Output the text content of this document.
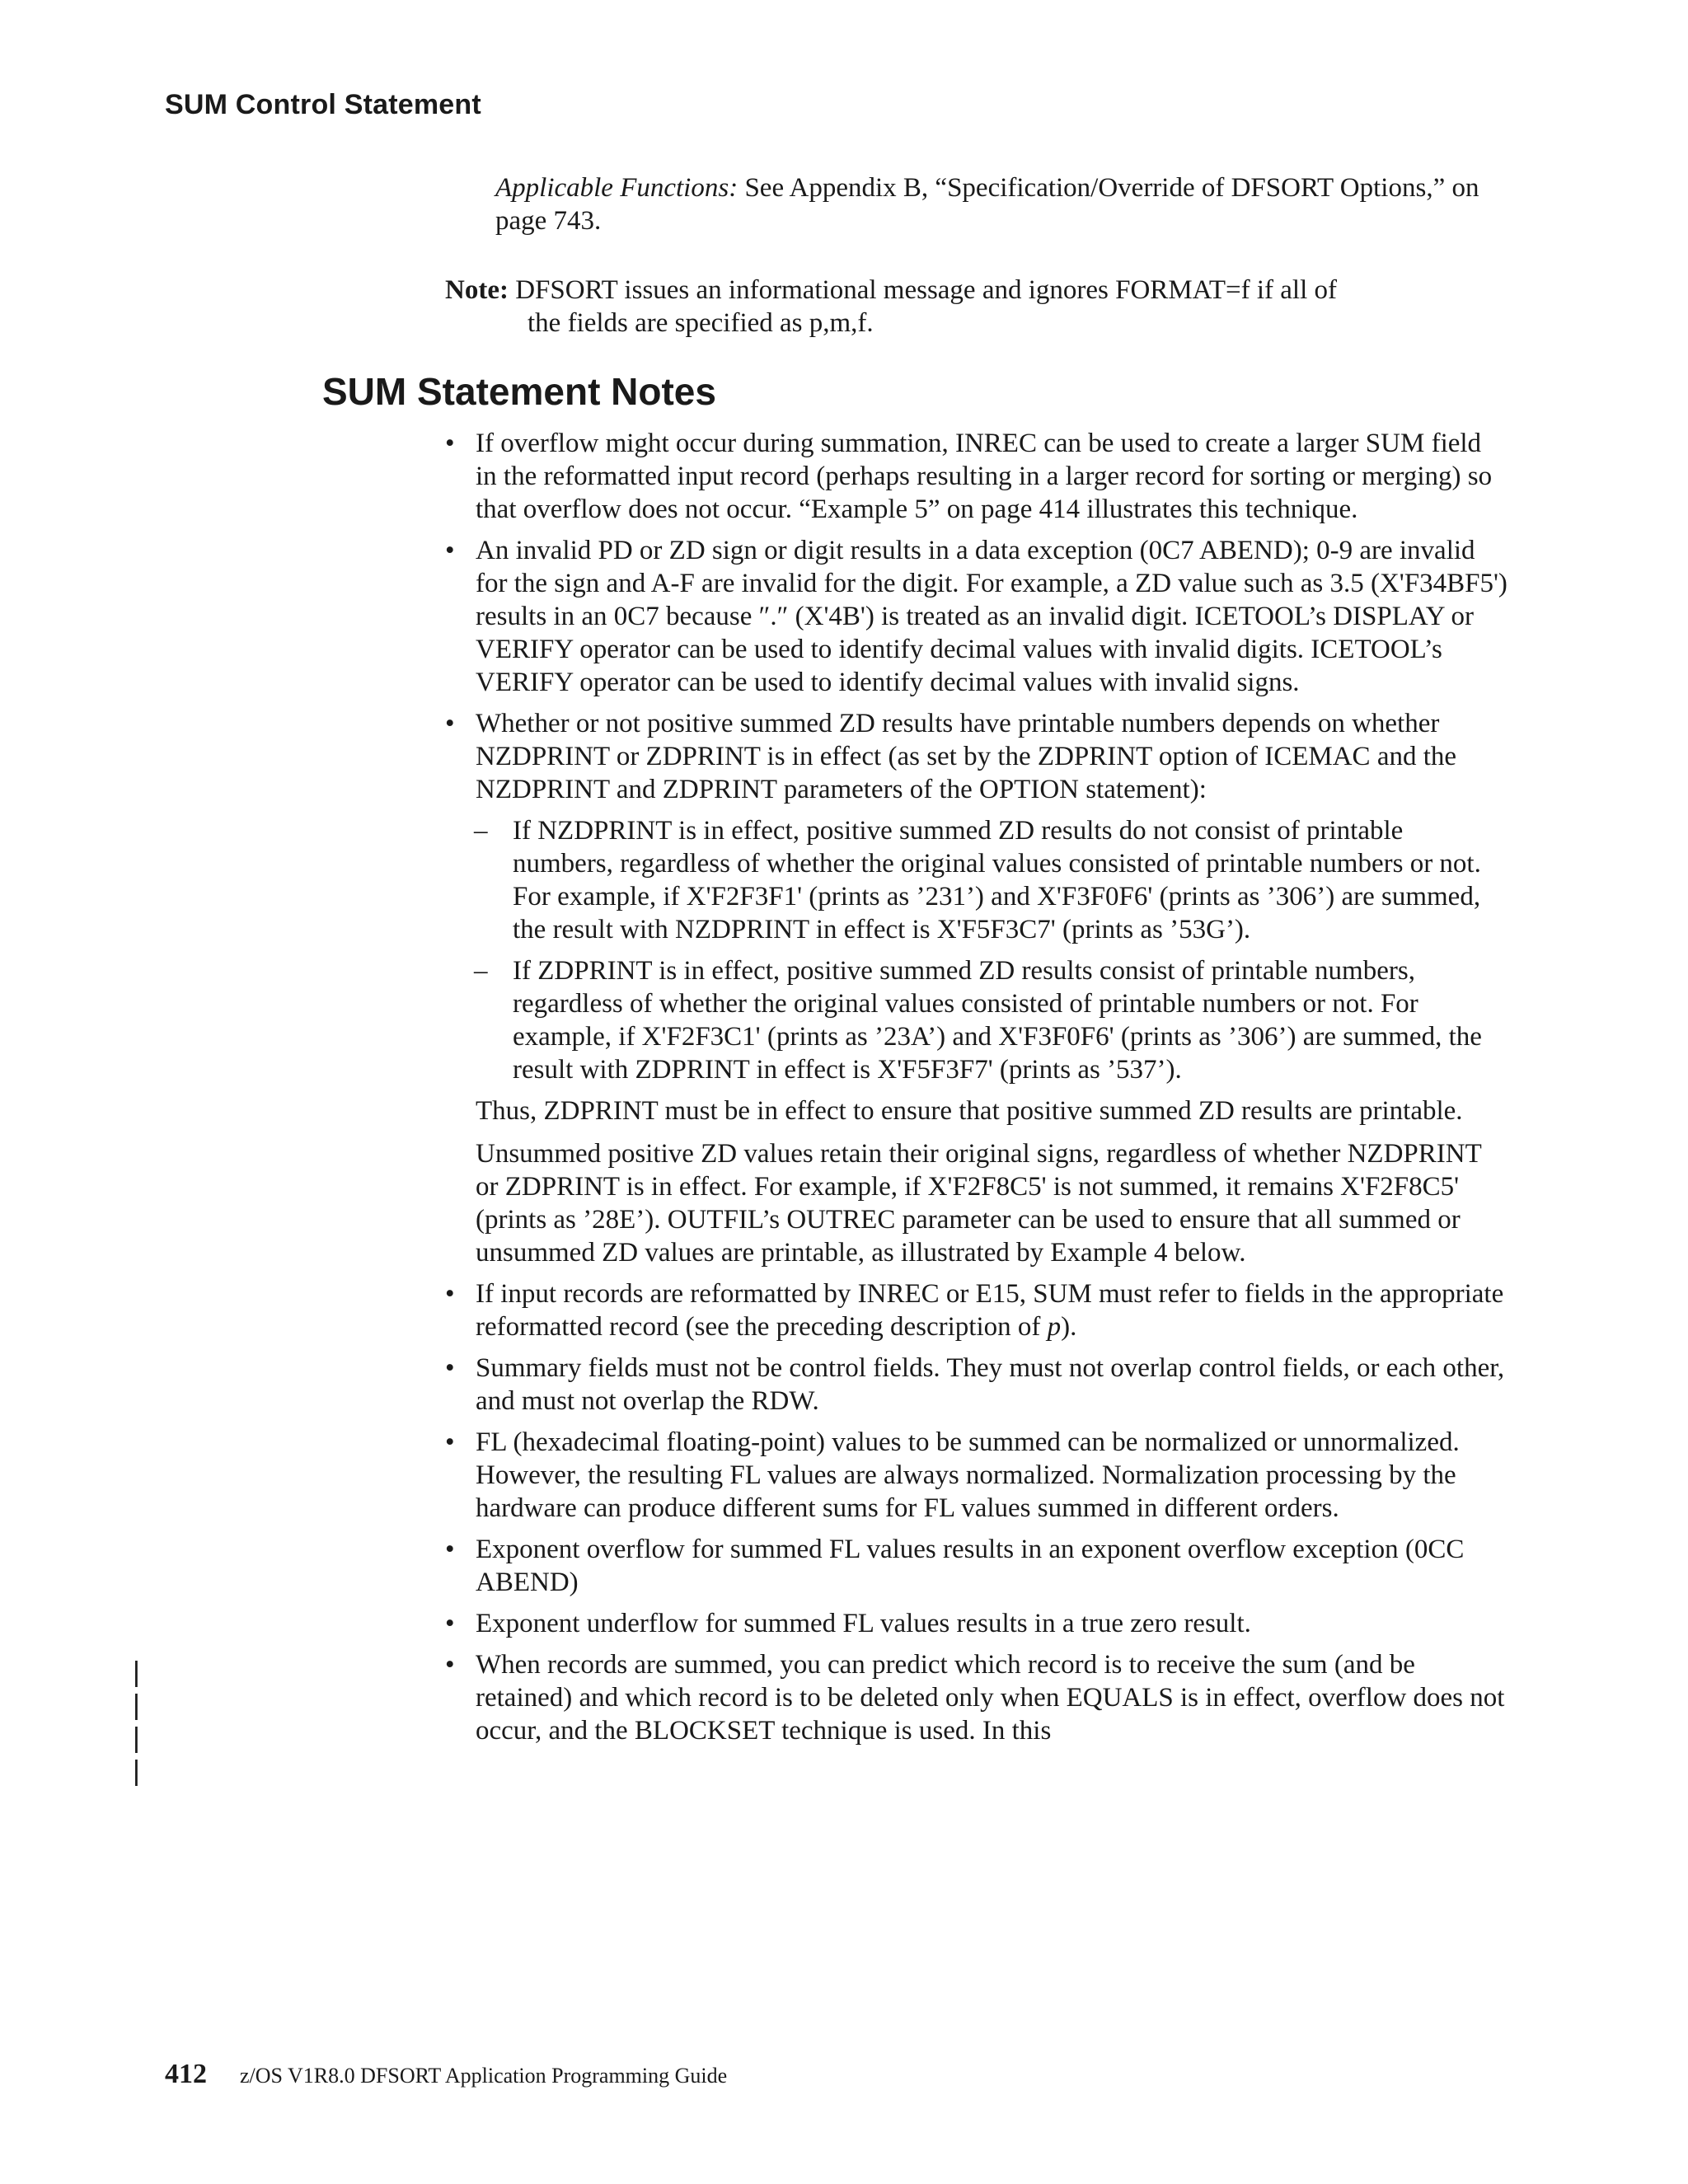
SUM Control Statement
Applicable Functions: See Appendix B, “Specification/Override of DFSORT Options,” on page 743.
Note: DFSORT issues an informational message and ignores FORMAT=f if all of
the fields are specified as p,m,f.
SUM Statement Notes
• If overflow might occur during summation, INREC can be used to create a larger SUM field in the reformatted input record (perhaps resulting in a larger record for sorting or merging) so that overflow does not occur. “Example 5” on page 414 illustrates this technique.
• An invalid PD or ZD sign or digit results in a data exception (0C7 ABEND); 0-9 are invalid for the sign and A-F are invalid for the digit. For example, a ZD value such as 3.5 (X'F34BF5') results in an 0C7 because ″.″ (X'4B') is treated as an invalid digit. ICETOOL’s DISPLAY or VERIFY operator can be used to identify decimal values with invalid digits. ICETOOL’s VERIFY operator can be used to identify decimal values with invalid signs.
• Whether or not positive summed ZD results have printable numbers depends on whether NZDPRINT or ZDPRINT is in effect (as set by the ZDPRINT option of ICEMAC and the NZDPRINT and ZDPRINT parameters of the OPTION statement):
– If NZDPRINT is in effect, positive summed ZD results do not consist of printable numbers, regardless of whether the original values consisted of printable numbers or not. For example, if X'F2F3F1' (prints as ’231’) and X'F3F0F6' (prints as ’306’) are summed, the result with NZDPRINT in effect is X'F5F3C7' (prints as ’53G’).
– If ZDPRINT is in effect, positive summed ZD results consist of printable numbers, regardless of whether the original values consisted of printable numbers or not. For example, if X'F2F3C1' (prints as ’23A’) and X'F3F0F6' (prints as ’306’) are summed, the result with ZDPRINT in effect is X'F5F3F7' (prints as ’537’).
Thus, ZDPRINT must be in effect to ensure that positive summed ZD results are printable.
Unsummed positive ZD values retain their original signs, regardless of whether NZDPRINT or ZDPRINT is in effect. For example, if X'F2F8C5' is not summed, it remains X'F2F8C5' (prints as ’28E’). OUTFIL’s OUTREC parameter can be used to ensure that all summed or unsummed ZD values are printable, as illustrated by Example 4 below.
• If input records are reformatted by INREC or E15, SUM must refer to fields in the appropriate reformatted record (see the preceding description of p).
• Summary fields must not be control fields. They must not overlap control fields, or each other, and must not overlap the RDW.
• FL (hexadecimal floating-point) values to be summed can be normalized or unnormalized. However, the resulting FL values are always normalized. Normalization processing by the hardware can produce different sums for FL values summed in different orders.
• Exponent overflow for summed FL values results in an exponent overflow exception (0CC ABEND)
• Exponent underflow for summed FL values results in a true zero result.
• When records are summed, you can predict which record is to receive the sum (and be retained) and which record is to be deleted only when EQUALS is in effect, overflow does not occur, and the BLOCKSET technique is used. In this
|
|
|
|
412 z/OS V1R8.0 DFSORT Application Programming Guide
